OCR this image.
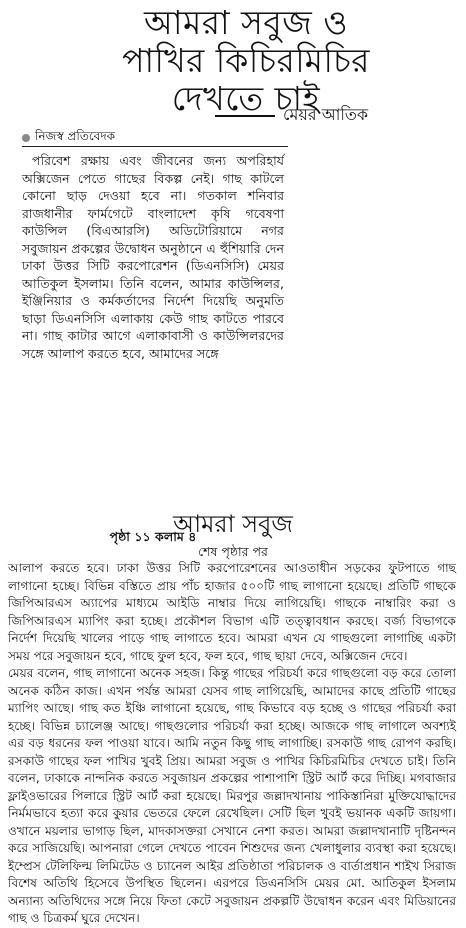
আমরা সবুজ ও
পাখির কিচিরমিচির
দেখতে চাই
মেয়র আতিক
নিজস্ব প্রতিবেদক

পরিবেশ রক্ষায় এবং জীবনের জন্য অপরিহার্য অক্সিজেন পেতে গাছের বিকল্প নেই। গাছ কাটলে কোনো ছাড় দেওয়া হবে না। গতকাল শনিবার রাজধানীর ফার্মগেটে বাংলাদেশ কৃষি গবেষণা কাউন্সিল (বিএআরসি) অডিটোরিয়ামে নগর সবুজায়ন প্রকল্পের উদ্বোধন অনুষ্ঠানে এ হুঁশিয়ারি দেন ঢাকা উত্তর সিটি করপোরেশন (ডিএনসিসি) মেয়র আতিকুল ইসলাম। তিনি বলেন, আমার কাউন্সিলর, ইঞ্জিনিয়ার ও কর্মকর্তাদের নির্দেশ দিয়েছি অনুমতি ছাড়া ডিএনসিসি এলাকায় কেউ গাছ কাটতে পারবে না। গাছ কাটার আগে এলাকাবাসী ও কাউন্সিলরদের সঙ্গে আলাপ করতে হবে, আমাদের সঙ্গে

পৃষ্ঠা ১১ কলাম ৪
আমরা সবুজ
শেষ পৃষ্ঠার পর

আলাপ করতে হবে। ঢাকা উত্তর সিটি করপোরেশনের আওতাধীন সড়কের ফুটপাতে গাছ লাগানো হচ্ছে। বিভিন্ন বস্তিতে প্রায় পাঁচ হাজার ৫০০টি গাছ লাগানো হয়েছে। প্রতিটি গাছকে জিপিআরএস অ্যাপের মাধ্যমে আইডি নাম্বার দিয়ে লাগিয়েছি। গাছকে নাম্বারিং করা ও জিপিআরএস ম্যাপিং করা হচ্ছে। প্রকৌশল বিভাগ এটি তত্ত্বাবধান করছে। বর্জ্য বিভাগকে নির্দেশ দিয়েছি খালের পাড়ে গাছ লাগাতে হবে। আমরা এখন যে গাছগুলো লাগাচ্ছি একটা সময় পরে সবুজায়ন হবে, গাছে ফুল হবে, ফল হবে, গাছ ছায়া দেবে, অক্সিজেন দেবে।

মেয়র বলেন, গাছ লাগানো অনেক সহজ। কিন্তু গাছের পরিচর্যা করে গাছগুলো বড় করে তোলা অনেক কঠিন কাজ। এখন পর্যন্ত আমরা যেসব গাছ লাগিয়েছি, আমাদের কাছে প্রতিটি গাছের ম্যাপিং আছে। গাছ কত ইঞ্চি লাগানো হয়েছে, গাছ কিভাবে বড় হচ্ছে ও গাছের পরিচর্যা করা হচ্ছে। বিভিন্ন চ্যালেঞ্জ আছে। গাছগুলোর পরিচর্যা করা হচ্ছে। আজকে গাছ লাগালে অবশ্যই এর বড় ধরনের ফল পাওয়া যাবে। আমি নতুন কিছু গাছ লাগাচ্ছি। রসকাউ গাছ রোপণ করছি। রসকাউ গাছের ফল পাখির খুবই প্রিয়। আমরা সবুজ ও পাখির কিচিরমিচির দেখতে চাই। তিনি বলেন, ঢাকাকে নান্দনিক করতে সবুজায়ন প্রকল্পের পাশাপাশি স্ট্রিট আর্ট করে দিচ্ছি। মগবাজার ফ্লাইওভারের পিলারে স্ট্রিট আর্ট করা হয়েছে। মিরপুর জল্লাদখানায় পাকিস্তানিরা মুক্তিযোদ্ধাদের নির্মমভাবে হত্যা করে কুয়ার ভেতরে ফেলে রেখেছিল। সেটি ছিল খুবই ভয়ানক একটি জায়গা। ওখানে ময়লার ভাগাড় ছিল, মাদকাসক্তরা সেখানে নেশা করত। আমরা জল্লাদখানাটি দৃষ্টিনন্দন করে সাজিয়েছি। আপনারা গেলে দেখতে পাবেন শিশুদের জন্য খেলাধুলার ব্যবস্থা করা হয়েছে। ইম্প্রেস টেলিফিল্ম লিমিটেড ও চ্যানেল আইর প্রতিষ্ঠাতা পরিচালক ও বার্তাপ্রধান শাইখ সিরাজ বিশেষ অতিথি হিসেবে উপস্থিত ছিলেন। এরপরে ডিএনসিসি মেয়র মো. আতিকুল ইসলাম অন্যান্য অতিথিদের সঙ্গে নিয়ে ফিতা কেটে সবুজায়ন প্রকল্পটি উদ্বোধন করেন এবং মিডিয়ানের গাছ ও চিত্রকর্ম ঘুরে দেখেন।
